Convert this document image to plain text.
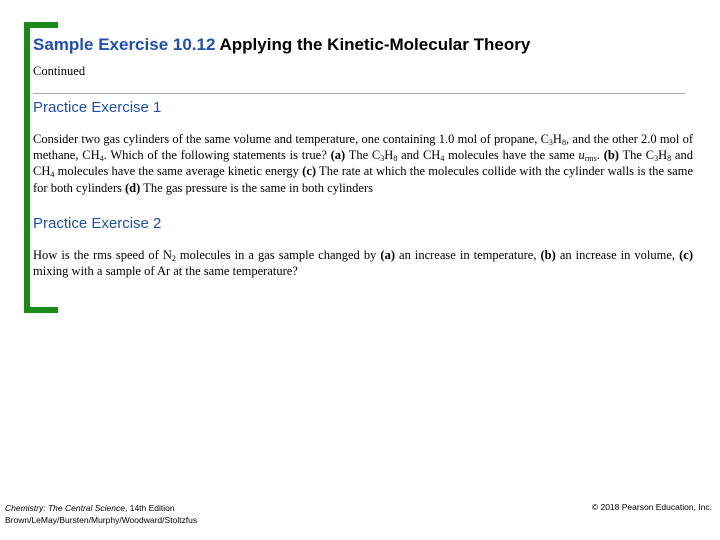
Sample Exercise 10.12 Applying the Kinetic-Molecular Theory
Continued
Practice Exercise 1

Consider two gas cylinders of the same volume and temperature, one containing 1.0 mol of propane, $C_3H_8$, and the other 2.0 mol of methane, $CH_4$. Which of the following statements is true? (a) The $C_3H_8$ and $CH_4$ molecules have the same $u_{rms}$. (b) The $C_3H_8$ and $CH_4$ molecules have the same average kinetic energy (c) The rate at which the molecules collide with the cylinder walls is the same for both cylinders (d) The gas pressure is the same in both cylinders

Practice Exercise 2

How is the rms speed of $N_2$ molecules in a gas sample changed by (a) an increase in temperature, (b) an increase in volume, (c) mixing with a sample of Ar at the same temperature?

Chemistry: The Central Science, 14th Edition
Brown/LeMay/Bursten/Murphy/Woodward/Stoltzfus
© 2018 Pearson Education, Inc.
